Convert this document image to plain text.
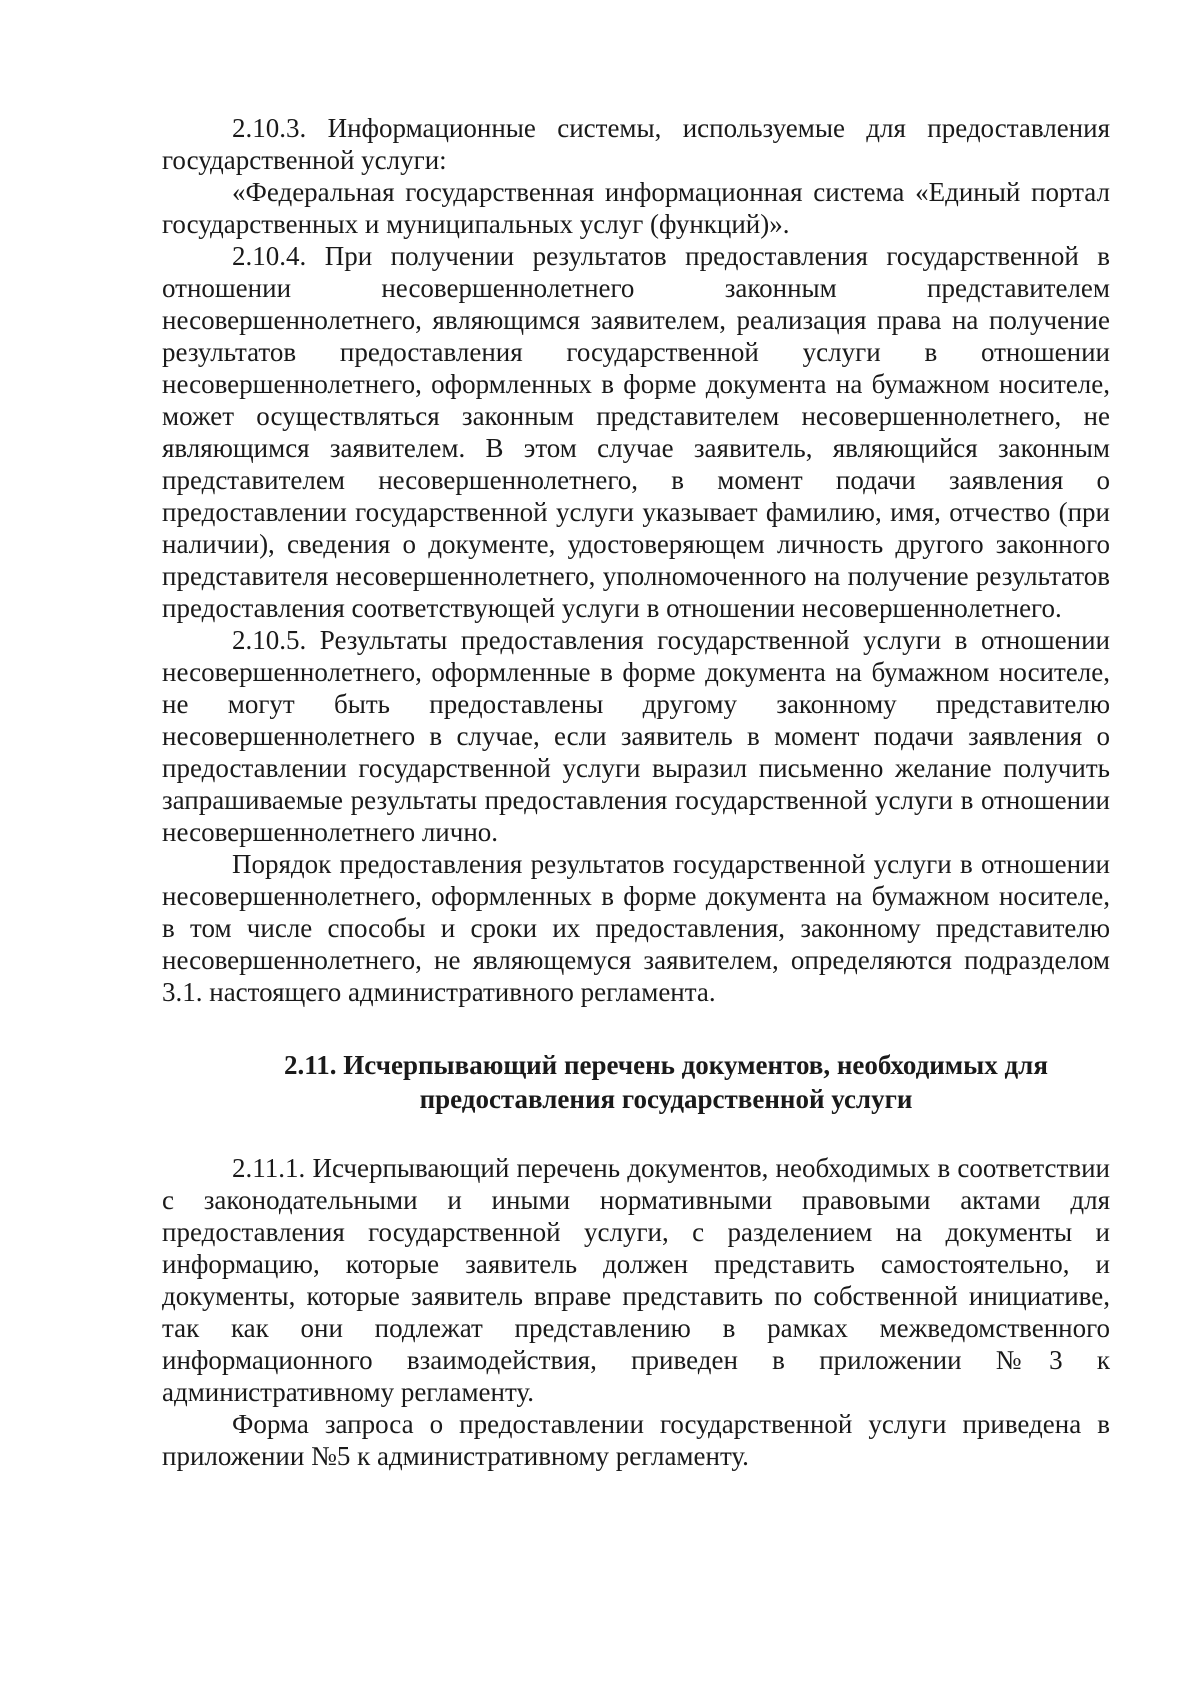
2.10.3. Информационные системы, используемые для предоставления государственной услуги:

«Федеральная государственная информационная система «Единый портал государственных и муниципальных услуг (функций)».

2.10.4. При получении результатов предоставления государственной в отношении несовершеннолетнего законным представителем несовершеннолетнего, являющимся заявителем, реализация права на получение результатов предоставления государственной услуги в отношении несовершеннолетнего, оформленных в форме документа на бумажном носителе, может осуществляться законным представителем несовершеннолетнего, не являющимся заявителем. В этом случае заявитель, являющийся законным представителем несовершеннолетнего, в момент подачи заявления о предоставлении государственной услуги указывает фамилию, имя, отчество (при наличии), сведения о документе, удостоверяющем личность другого законного представителя несовершеннолетнего, уполномоченного на получение результатов предоставления соответствующей услуги в отношении несовершеннолетнего.

2.10.5. Результаты предоставления государственной услуги в отношении несовершеннолетнего, оформленные в форме документа на бумажном носителе, не могут быть предоставлены другому законному представителю несовершеннолетнего в случае, если заявитель в момент подачи заявления о предоставлении государственной услуги выразил письменно желание получить запрашиваемые результаты предоставления государственной услуги в отношении несовершеннолетнего лично.

Порядок предоставления результатов государственной услуги в отношении несовершеннолетнего, оформленных в форме документа на бумажном носителе, в том числе способы и сроки их предоставления, законному представителю несовершеннолетнего, не являющемуся заявителем, определяются подразделом 3.1. настоящего административного регламента.

2.11. Исчерпывающий перечень документов, необходимых для
предоставления государственной услуги

2.11.1. Исчерпывающий перечень документов, необходимых в соответствии с законодательными и иными нормативными правовыми актами для предоставления государственной услуги, с разделением на документы и информацию, которые заявитель должен представить самостоятельно, и документы, которые заявитель вправе представить по собственной инициативе, так как они подлежат представлению в рамках межведомственного информационного взаимодействия, приведен в приложении №3 к административному регламенту.

Форма запроса о предоставлении государственной услуги приведена в приложении №5 к административному регламенту.
